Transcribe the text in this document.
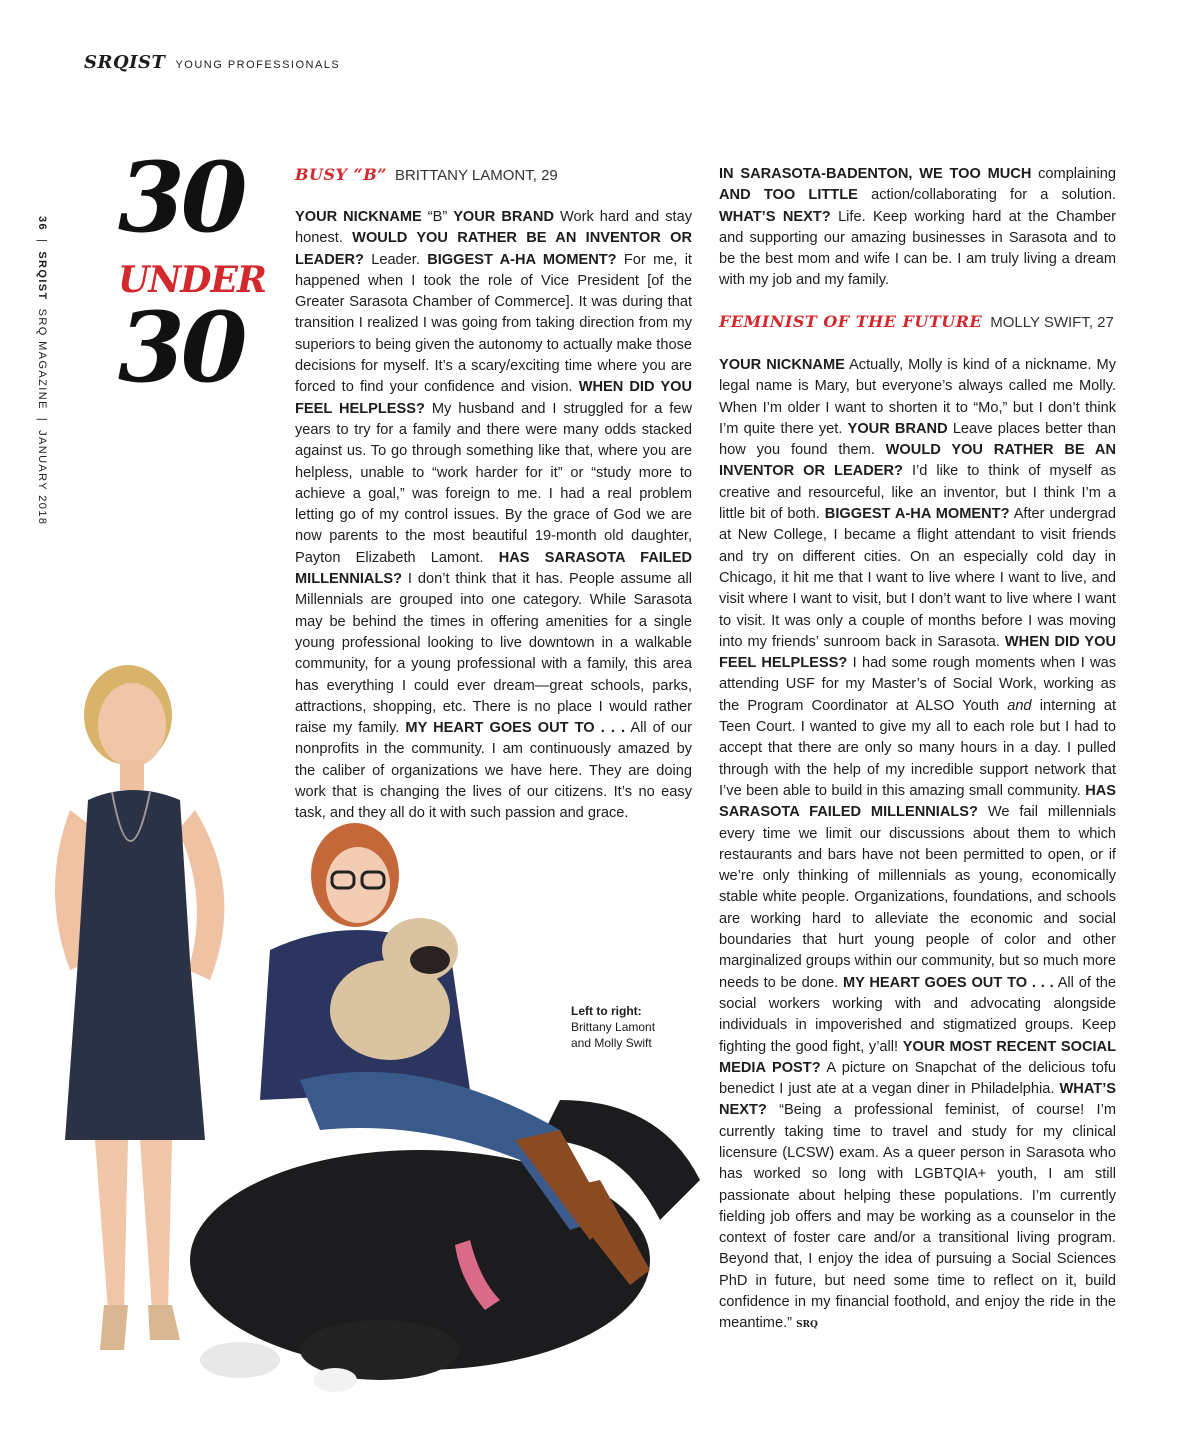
SRQIST YOUNG PROFESSIONALS
36
|
SRQIST
SRQ MAGAZINE
|
JANUARY 2018
30
UNDER
30
BUSY “B” BRITTANY LAMONT, 29
YOUR NICKNAME “B” YOUR BRAND Work hard and stay honest. WOULD YOU RATHER BE AN INVENTOR OR LEADER? Leader. BIGGEST A-HA MOMENT? For me, it happened when I took the role of Vice President [of the Greater Sarasota Chamber of Commerce]. It was during that transition I realized I was going from taking direction from my superiors to being given the autonomy to actually make those decisions for myself. It’s a scary/exciting time where you are forced to find your confidence and vision. WHEN DID YOU FEEL HELPLESS? My husband and I struggled for a few years to try for a family and there were many odds stacked against us. To go through something like that, where you are helpless, unable to “work harder for it” or “study more to achieve a goal,” was foreign to me. I had a real problem letting go of my control issues. By the grace of God we are now parents to the most beautiful 19-month old daughter, Payton Elizabeth Lamont. HAS SARASOTA FAILED MILLENNIALS? I don’t think that it has. People assume all Millennials are grouped into one category. While Sarasota may be behind the times in offering amenities for a single young professional looking to live downtown in a walkable community, for a young professional with a family, this area has everything I could ever dream—great schools, parks, attractions, shopping, etc. There is no place I would rather raise my family. MY HEART GOES OUT TO . . . All of our nonprofits in the community. I am continuously amazed by the caliber of organizations we have here. They are doing work that is changing the lives of our citizens. It’s no easy task, and they all do it with such passion and grace.
IN SARASOTA-BADENTON, WE TOO MUCH complaining AND TOO LITTLE action/collaborating for a solution. WHAT’S NEXT? Life. Keep working hard at the Chamber and supporting our amazing businesses in Sarasota and to be the best mom and wife I can be. I am truly living a dream with my job and my family.
FEMINIST OF THE FUTURE MOLLY SWIFT, 27
YOUR NICKNAME Actually, Molly is kind of a nickname. My legal name is Mary, but everyone’s always called me Molly. When I’m older I want to shorten it to “Mo,” but I don’t think I’m quite there yet. YOUR BRAND Leave places better than how you found them. WOULD YOU RATHER BE AN INVENTOR OR LEADER? I’d like to think of myself as creative and resourceful, like an inventor, but I think I’m a little bit of both. BIGGEST A-HA MOMENT? After undergrad at New College, I became a flight attendant to visit friends and try on different cities. On an especially cold day in Chicago, it hit me that I want to live where I want to live, and visit where I want to visit, but I don’t want to live where I want to visit. It was only a couple of months before I was moving into my friends’ sunroom back in Sarasota. WHEN DID YOU FEEL HELPLESS? I had some rough moments when I was attending USF for my Master’s of Social Work, working as the Program Coordinator at ALSO Youth and interning at Teen Court. I wanted to give my all to each role but I had to accept that there are only so many hours in a day. I pulled through with the help of my incredible support network that I’ve been able to build in this amazing small community. HAS SARASOTA FAILED MILLENNIALS? We fail millennials every time we limit our discussions about them to which restaurants and bars have not been permitted to open, or if we’re only thinking of millennials as young, economically stable white people. Organizations, foundations, and schools are working hard to alleviate the economic and social boundaries that hurt young people of color and other marginalized groups within our community, but so much more needs to be done. MY HEART GOES OUT TO . . . All of the social workers working with and advocating alongside individuals in impoverished and stigmatized groups. Keep fighting the good fight, y’all! YOUR MOST RECENT SOCIAL MEDIA POST? A picture on Snapchat of the delicious tofu benedict I just ate at a vegan diner in Philadelphia. WHAT’S NEXT? “Being a professional feminist, of course! I’m currently taking time to travel and study for my clinical licensure (LCSW) exam. As a queer person in Sarasota who has worked so long with LGBTQIA+ youth, I am still passionate about helping these populations. I’m currently fielding job offers and may be working as a counselor in the context of foster care and/or a transitional living program. Beyond that, I enjoy the idea of pursuing a Social Sciences PhD in future, but need some time to reflect on it, build confidence in my financial foothold, and enjoy the ride in the meantime.” SRQ
Left to right:
Brittany Lamont
and Molly Swift
